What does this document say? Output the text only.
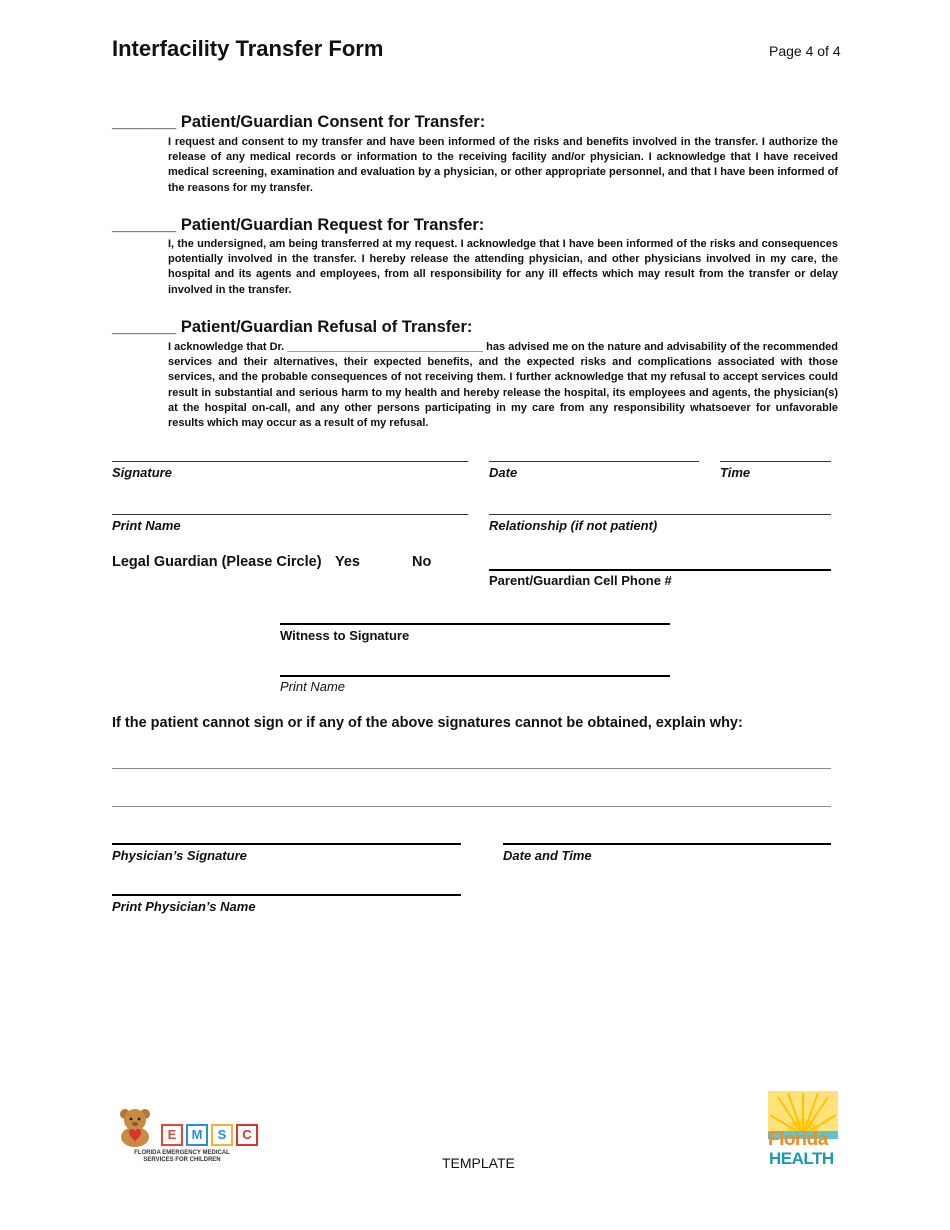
Interfacility Transfer Form	Page 4 of 4
_______ Patient/Guardian Consent for Transfer:
I request and consent to my transfer and have been informed of the risks and benefits involved in the transfer. I authorize the release of any medical records or information to the receiving facility and/or physician. I acknowledge that I have received medical screening, examination and evaluation by a physician, or other appropriate personnel, and that I have been informed of the reasons for my transfer.
_______ Patient/Guardian Request for Transfer:
I, the undersigned, am being transferred at my request. I acknowledge that I have been informed of the risks and consequences potentially involved in the transfer. I hereby release the attending physician, and other physicians involved in my care, the hospital and its agents and employees, from all responsibility for any ill effects which may result from the transfer or delay involved in the transfer.
_______ Patient/Guardian Refusal of Transfer:
I acknowledge that Dr. ________________________________ has advised me on the nature and advisability of the recommended services and their alternatives, their expected benefits, and the expected risks and complications associated with those services, and the probable consequences of not receiving them. I further acknowledge that my refusal to accept services could result in substantial and serious harm to my health and hereby release the hospital, its employees and agents, the physician(s) at the hospital on-call, and any other persons participating in my care from any responsibility whatsoever for unfavorable results which may occur as a result of my refusal.
Signature	Date	Time
Print Name	Relationship (if not patient)
Legal Guardian (Please Circle) Yes	No
Parent/Guardian Cell Phone #
Witness to Signature
Print Name
If the patient cannot sign or if any of the above signatures cannot be obtained, explain why:
Physician’s Signature	Date and Time
Print Physician’s Name
E	M	S	C
FLORIDA EMERGENCY MEDICAL
SERVICES FOR CHILDREN	TEMPLATE
Florida
HEALTH
